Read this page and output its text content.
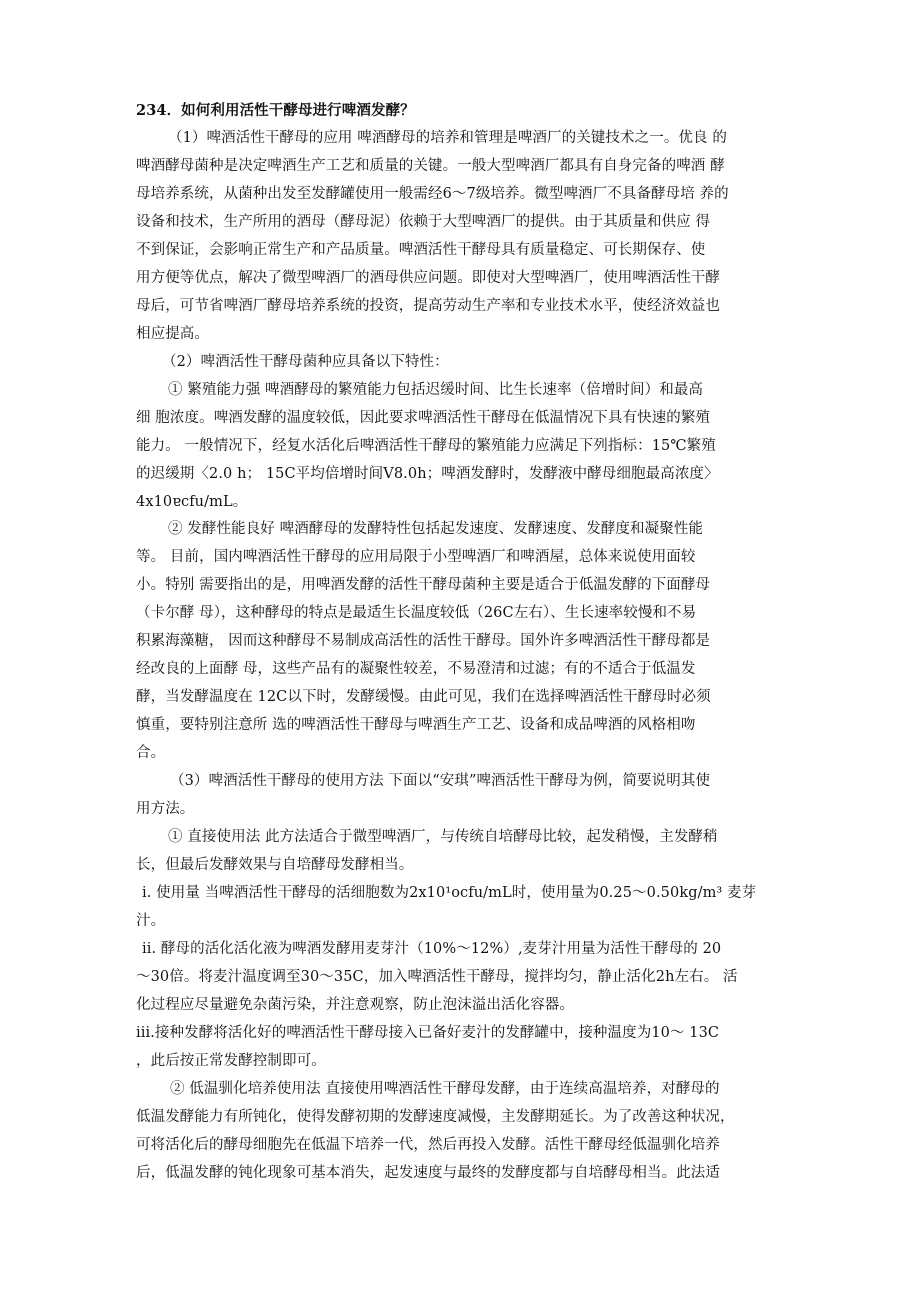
234．如何利用活性干酵母进行啤酒发酵？
（1）啤酒活性干酵母的应用 啤酒酵母的培养和管理是啤酒厂的关键技术之一。优良 的
啤酒酵母菌种是决定啤酒生产工艺和质量的关键。一般大型啤酒厂都具有自身完备的啤酒 酵
母培养系统，从菌种出发至发酵罐使用一般需经6～7级培养。微型啤酒厂不具备酵母培 养的
设备和技术，生产所用的酒母（酵母泥）依赖于大型啤酒厂的提供。由于其质量和供应 得
不到保证，会影响正常生产和产品质量。啤酒活性干酵母具有质量稳定、可长期保存、使
用方便等优点，解决了微型啤酒厂的酒母供应问题。即使对大型啤酒厂，使用啤酒活性干酵
母后，可节省啤酒厂酵母培养系统的投资，提高劳动生产率和专业技术水平，使经济效益也
相应提高。
（2）啤酒活性干酵母菌种应具备以下特性：
① 繁殖能力强 啤酒酵母的繁殖能力包括迟缓时间、比生长速率（倍增时间）和最高
细 胞浓度。啤酒发酵的温度较低，因此要求啤酒活性干酵母在低温情况下具有快速的繁殖
能力。 一般情况下，经复水活化后啤酒活性干酵母的繁殖能力应满足下列指标：15℃繁殖
的迟缓期〈2.0 h； 15C平均倍增时间V8.0h；啤酒发酵时，发酵液中酵母细胞最高浓度〉
4x10ɐcfu/mL。
② 发酵性能良好 啤酒酵母的发酵特性包括起发速度、发酵速度、发酵度和凝聚性能
等。 目前，国内啤酒活性干酵母的应用局限于小型啤酒厂和啤酒屋，总体来说使用面较
小。特别 需要指出的是，用啤酒发酵的活性干酵母菌种主要是适合于低温发酵的下面酵母
（卡尔酵 母），这种酵母的特点是最适生长温度较低（26C左右）、生长速率较慢和不易
积累海藻糖， 因而这种酵母不易制成高活性的活性干酵母。国外许多啤酒活性干酵母都是
经改良的上面酵 母，这些产品有的凝聚性较差，不易澄清和过滤；有的不适合于低温发
酵，当发酵温度在 12C以下时，发酵缓慢。由此可见，我们在选择啤酒活性干酵母时必须
慎重，要特别注意所 选的啤酒活性干酵母与啤酒生产工艺、设备和成品啤酒的风格相吻
合。
（3）啤酒活性干酵母的使用方法 下面以“安琪”啤酒活性干酵母为例，简要说明其使
用方法。
① 直接使用法 此方法适合于微型啤酒厂，与传统自培酵母比较，起发稍慢，主发酵稍
长，但最后发酵效果与自培酵母发酵相当。
i. 使用量 当啤酒活性干酵母的活细胞数为2x10¹ocfu/mL时，使用量为0.25～0.50kg/m³ 麦芽
汁。
ii. 酵母的活化活化液为啤酒发酵用麦芽汁（10%～12%）,麦芽汁用量为活性干酵母的 20
～30倍。将麦汁温度调至30～35C，加入啤酒活性干酵母，搅拌均匀，静止活化2h左右。 活
化过程应尽量避免杂菌污染，并注意观察，防止泡沫溢出活化容器。
iii.接种发酵将活化好的啤酒活性干酵母接入已备好麦汁的发酵罐中，接种温度为10～ 13C
，此后按正常发酵控制即可。
② 低温驯化培养使用法 直接使用啤酒活性干酵母发酵，由于连续高温培养，对酵母的
低温发酵能力有所钝化，使得发酵初期的发酵速度减慢，主发酵期延长。为了改善这种状况，
可将活化后的酵母细胞先在低温下培养一代，然后再投入发酵。活性干酵母经低温驯化培养
后，低温发酵的钝化现象可基本消失，起发速度与最终的发酵度都与自培酵母相当。此法适
